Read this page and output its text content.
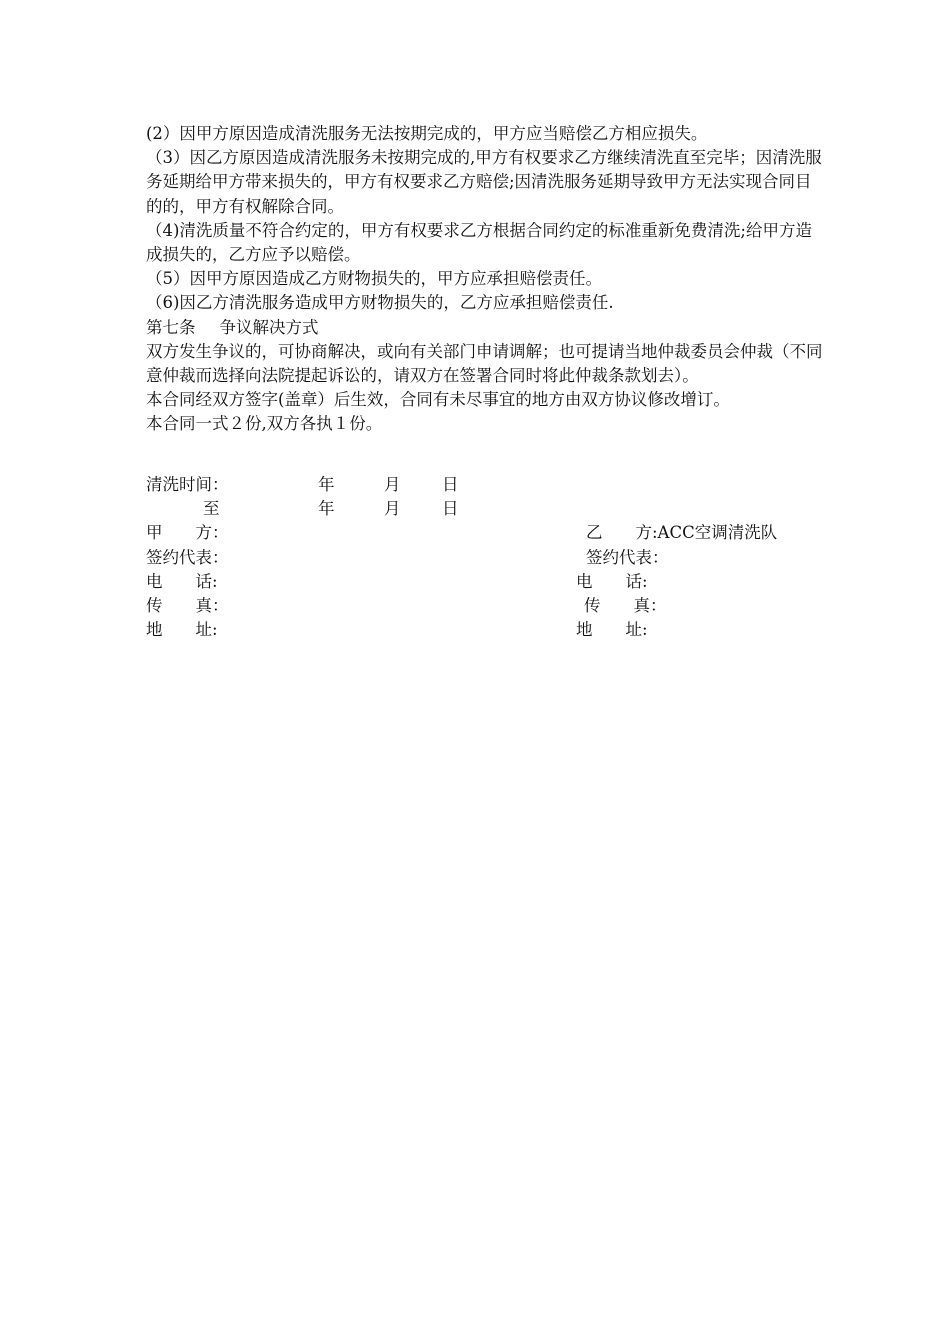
(2）因甲方原因造成清洗服务无法按期完成的，甲方应当赔偿乙方相应损失。

（3）因乙方原因造成清洗服务未按期完成的,甲方有权要求乙方继续清洗直至完毕；因清洗服务延期给甲方带来损失的，甲方有权要求乙方赔偿;因清洗服务延期导致甲方无法实现合同目的的，甲方有权解除合同。

（4)清洗质量不符合约定的，甲方有权要求乙方根据合同约定的标准重新免费清洗;给甲方造成损失的，乙方应予以赔偿。

（5）因甲方原因造成乙方财物损失的，甲方应承担赔偿责任。

（6)因乙方清洗服务造成甲方财物损失的，乙方应承担赔偿责任.

第七条 争议解决方式

双方发生争议的，可协商解决，或向有关部门申请调解；也可提请当地仲裁委员会仲裁（不同意仲裁而选择向法院提起诉讼的，请双方在签署合同时将此仲裁条款划去）。

本合同经双方签字(盖章）后生效，合同有未尽事宜的地方由双方协议修改增订。

本合同一式２份,双方各执１份。

清洗时间：	年	月	日
至	年	月	日
甲　　方：	乙　　方:ACC空调清洗队
签约代表：	签约代表：
电　　话:	电　　话:
传　　真：	传　　真：
地　　址:	地　　址:
